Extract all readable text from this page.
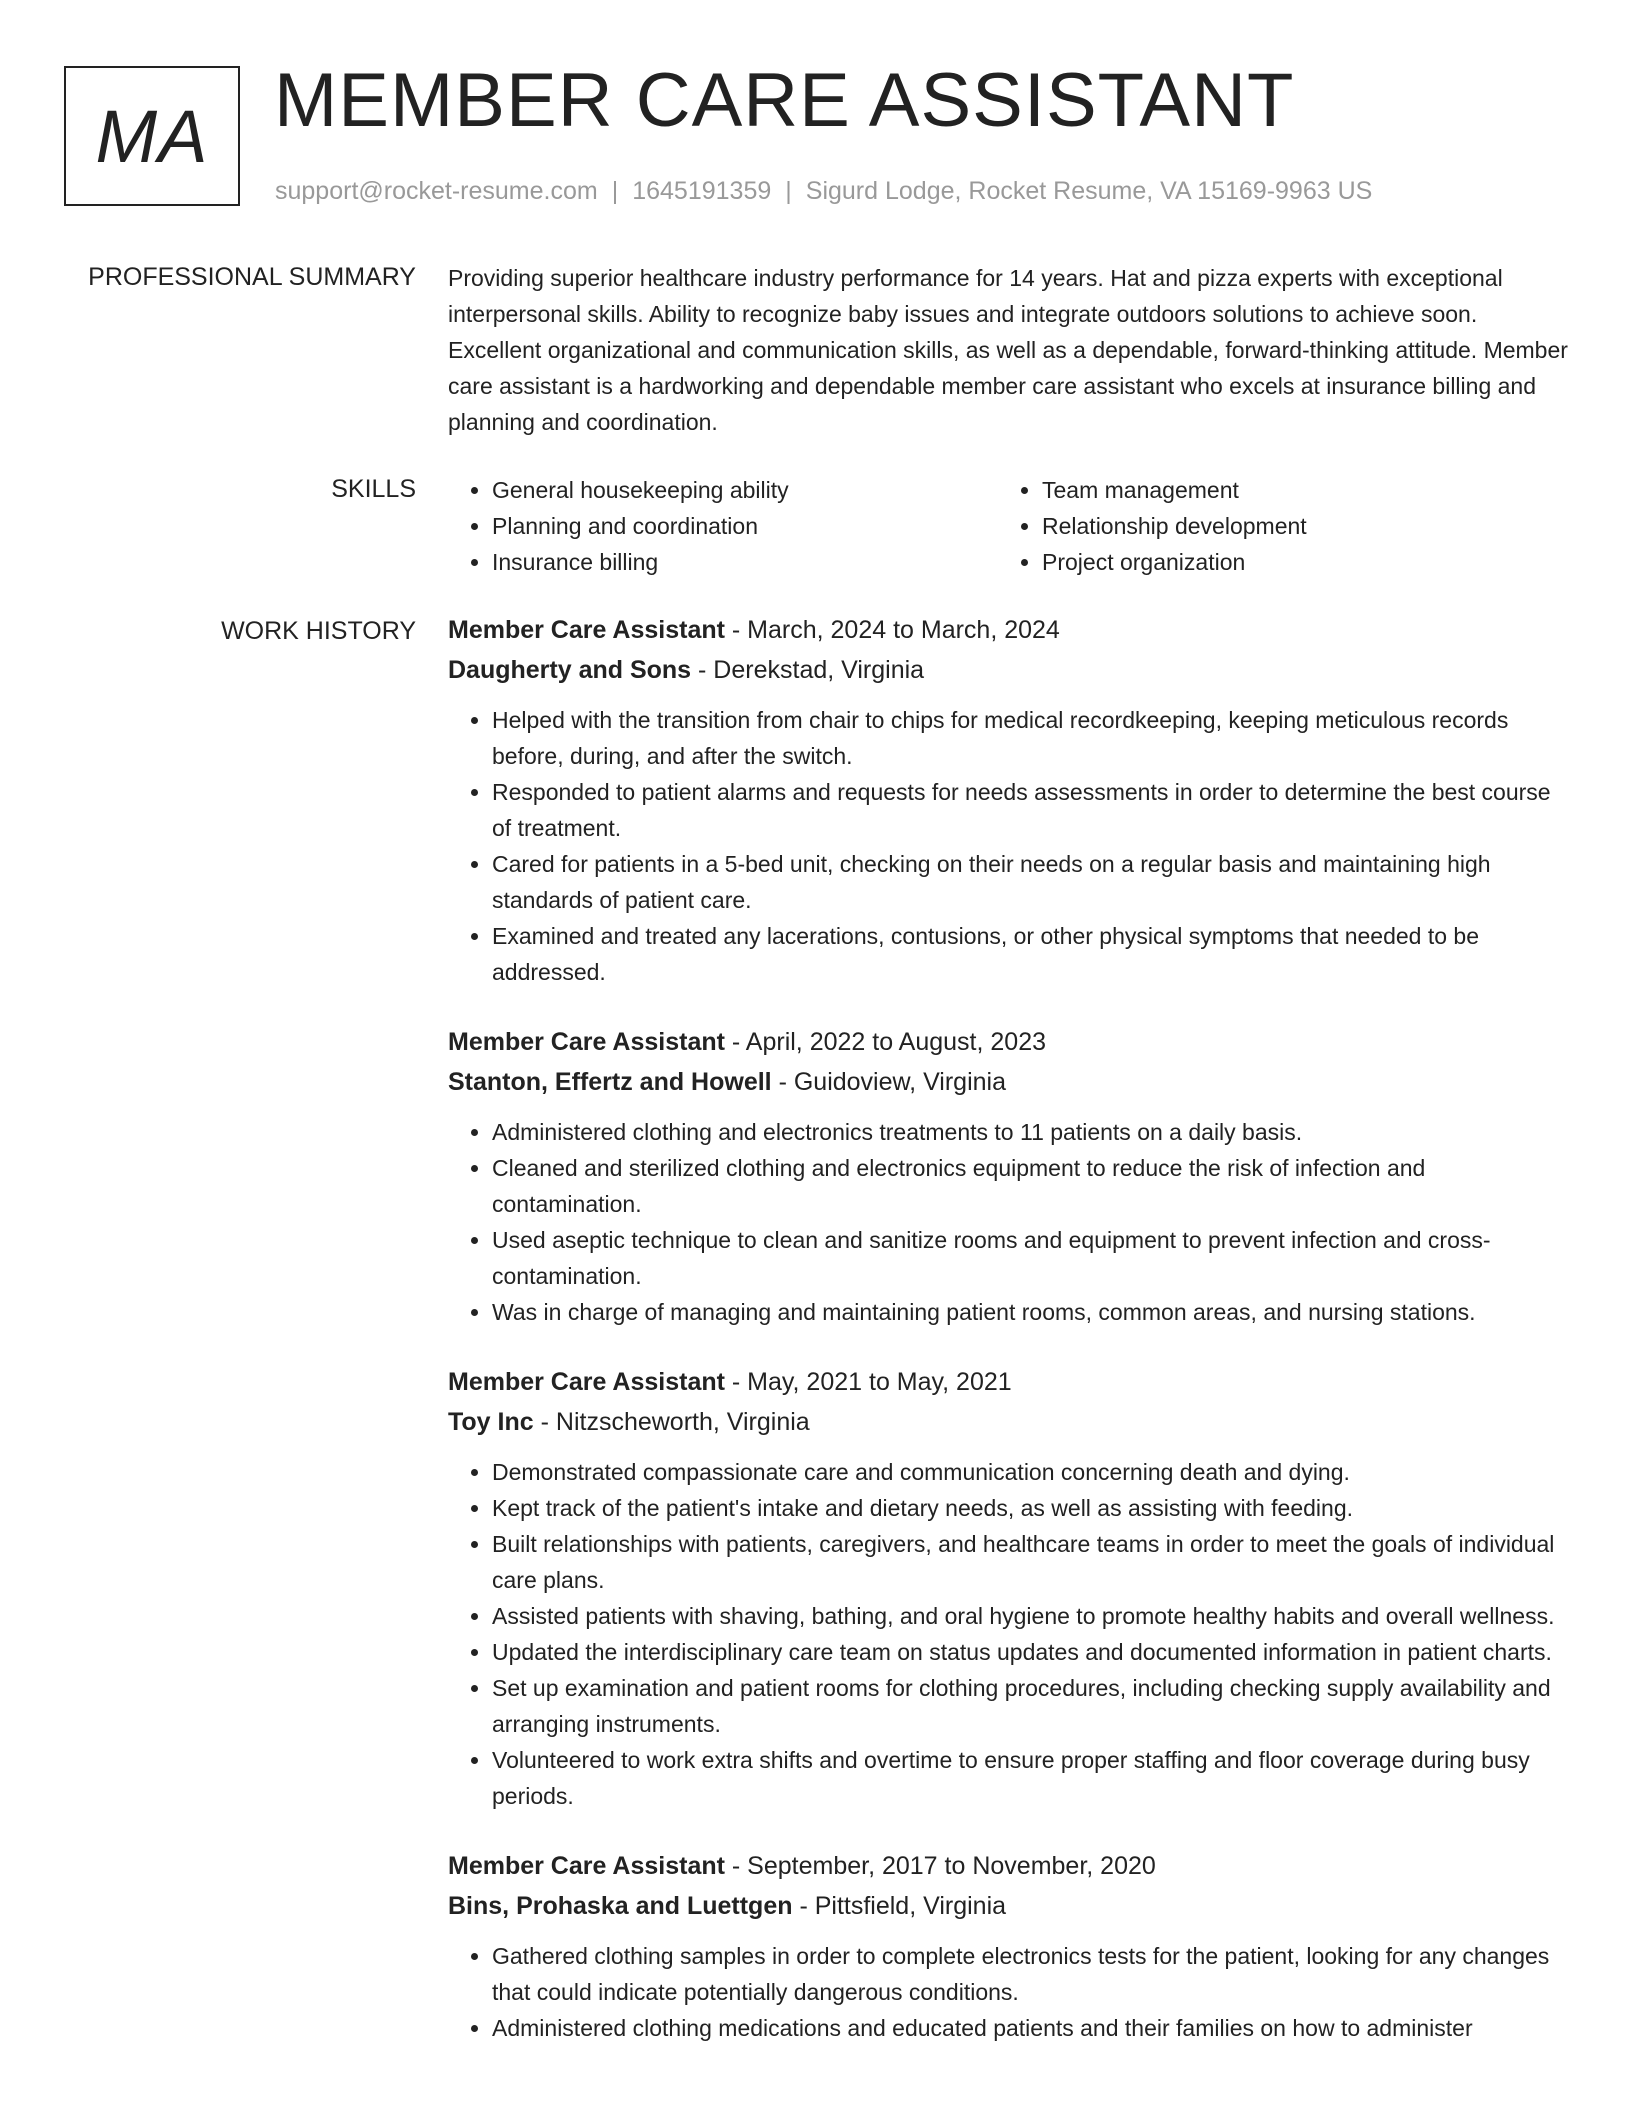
MA MEMBER CARE ASSISTANT
support@rocket-resume.com | 1645191359 | Sigurd Lodge, Rocket Resume, VA 15169-9963 US
PROFESSIONAL SUMMARY Providing superior healthcare industry performance for 14 years. Hat and pizza experts with exceptional interpersonal skills. Ability to recognize baby issues and integrate outdoors solutions to achieve soon. Excellent organizational and communication skills, as well as a dependable, forward-thinking attitude. Member care assistant is a hardworking and dependable member care assistant who excels at insurance billing and planning and coordination.

SKILLS
•	General housekeeping ability
• Planning and coordination
• Insurance billing
• Team management
• Relationship development
• Project organization
WORK HISTORY Member Care Assistant - March, 2024 to March, 2024
Daugherty and Sons - Derekstad, Virginia
• Helped with the transition from chair to chips for medical recordkeeping, keeping meticulous records before, during, and after the switch.
• Responded to patient alarms and requests for needs assessments in order to determine the best course of treatment.
• Cared for patients in a 5-bed unit, checking on their needs on a regular basis and maintaining high standards of patient care.
• Examined and treated any lacerations, contusions, or other physical symptoms that needed to be addressed.
Member Care Assistant - April, 2022 to August, 2023
Stanton, Effertz and Howell - Guidoview, Virginia
• Administered clothing and electronics treatments to 11 patients on a daily basis.
• Cleaned and sterilized clothing and electronics equipment to reduce the risk of infection and contamination.
• Used aseptic technique to clean and sanitize rooms and equipment to prevent infection and cross-contamination.
• Was in charge of managing and maintaining patient rooms, common areas, and nursing stations.
Member Care Assistant - May, 2021 to May, 2021
Toy Inc - Nitzscheworth, Virginia
• Demonstrated compassionate care and communication concerning death and dying.
• Kept track of the patient's intake and dietary needs, as well as assisting with feeding.
• Built relationships with patients, caregivers, and healthcare teams in order to meet the goals of individual care plans.
• Assisted patients with shaving, bathing, and oral hygiene to promote healthy habits and overall wellness.
• Updated the interdisciplinary care team on status updates and documented information in patient charts.
• Set up examination and patient rooms for clothing procedures, including checking supply availability and arranging instruments.
• Volunteered to work extra shifts and overtime to ensure proper staffing and floor coverage during busy periods.
Member Care Assistant - September, 2017 to November, 2020
Bins, Prohaska and Luettgen - Pittsfield, Virginia
• Gathered clothing samples in order to complete electronics tests for the patient, looking for any changes that could indicate potentially dangerous conditions.
• Administered clothing medications and educated patients and their families on how to administer
